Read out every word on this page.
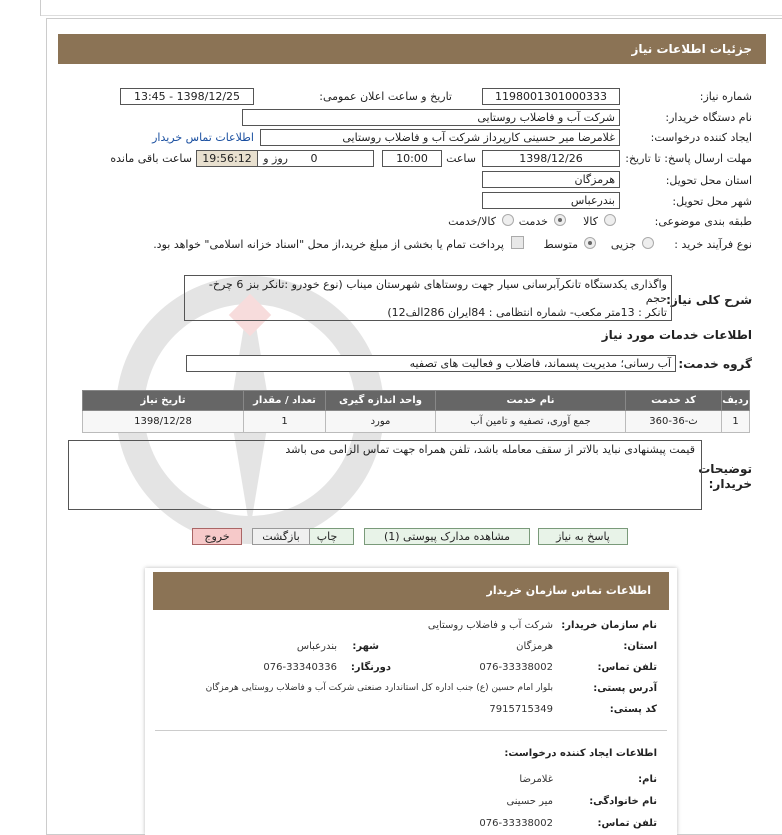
جزئیات اطلاعات نیاز
شماره نیاز:
1198001301000333
تاریخ و ساعت اعلان عمومی:
1398/12/25 - 13:45
نام دستگاه خریدار:
شرکت آب و فاضلاب روستایی
ایجاد کننده درخواست:
غلامرضا میر حسینی کارپرداز شرکت آب و فاضلاب روستایی
اطلاعات تماس خریدار
مهلت ارسال پاسخ: تا تاریخ:
1398/12/26
ساعت
10:00
0
روز و
19:56:12
ساعت باقی مانده
استان محل تحویل:
هرمزگان
شهر محل تحویل:
بندرعباس
طبقه بندی موضوعی:
کالا
خدمت
کالا/خدمت
نوع فرآیند خرید :
جزیی
متوسط
پرداخت تمام یا بخشی از مبلغ خرید،از محل "اسناد خزانه اسلامی" خواهد بود.
شرح کلی نیاز:
واگذاری یکدستگاه تانکرآبرسانی سیار جهت روستاهای شهرستان میناب (نوع خودرو :تانکر بنز 6 چرخ-حجم
تانکر : 13متر مکعب- شماره انتظامی : 84ایران 286الف12)
اطلاعات خدمات مورد نیاز
گروه خدمت:
آب رسانی؛ مدیریت پسماند، فاضلاب و فعالیت های تصفیه
ردیف	کد خدمت	نام خدمت	واحد اندازه گیری	تعداد / مقدار	تاریخ نیاز
1	ث-36-360	جمع آوری، تصفیه و تامین آب	مورد	1	1398/12/28
توضیحات خریدار:
قیمت پیشنهادی نباید بالاتر از سقف معامله باشد، تلفن همراه جهت تماس الزامی می باشد
پاسخ به نیاز
مشاهده مدارک پیوستی (1)
چاپ
بازگشت
خروج
اطلاعات تماس سازمان خریدار
نام سازمان خریدار:
شرکت آب و فاضلاب روستایی
استان:
هرمزگان
شهر:
بندرعباس
تلفن تماس:
076-33338002
دورنگار:
076-33340336
آدرس پستی:
بلوار امام حسین (ع) جنب اداره کل استاندارد صنعتی شرکت آب و فاضلاب روستایی هرمزگان
کد پستی:
7915715349
اطلاعات ایجاد کننده درخواست:
نام:
غلامرضا
نام خانوادگی:
میر حسینی
تلفن تماس:
076-33338002
